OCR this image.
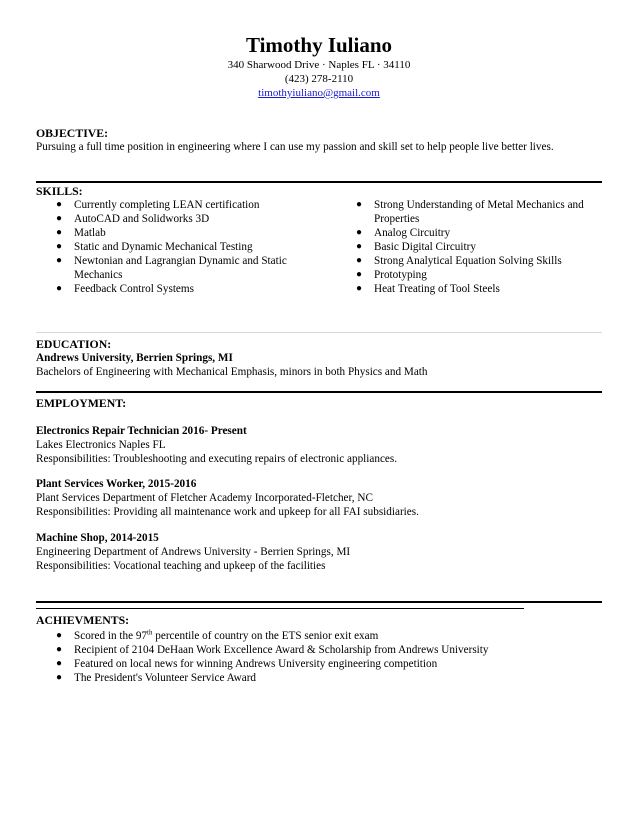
Timothy Iuliano
340 Sharwood Drive · Naples FL · 34110
(423) 278-2110
timothyiuliano@gmail.com
OBJECTIVE:
Pursuing a full time position in engineering where I can use my passion and skill set to help people live better lives.
SKILLS:
● Currently completing LEAN certification
● AutoCAD and Solidworks 3D
● Matlab
● Static and Dynamic Mechanical Testing
● Newtonian and Lagrangian Dynamic and Static Mechanics
● Feedback Control Systems
● Strong Understanding of Metal Mechanics and Properties
● Analog Circuitry
● Basic Digital Circuitry
● Strong Analytical Equation Solving Skills
● Prototyping
● Heat Treating of Tool Steels
EDUCATION:
Andrews University, Berrien Springs, MI
Bachelors of Engineering with Mechanical Emphasis, minors in both Physics and Math
EMPLOYMENT:
Electronics Repair Technician 2016- Present
Lakes Electronics Naples FL
Responsibilities: Troubleshooting and executing repairs of electronic appliances.
Plant Services Worker, 2015-2016
Plant Services Department of Fletcher Academy Incorporated-Fletcher, NC
Responsibilities: Providing all maintenance work and upkeep for all FAI subsidiaries.
Machine Shop, 2014-2015
Engineering Department of Andrews University - Berrien Springs, MI
Responsibilities: Vocational teaching and upkeep of the facilities
ACHIEVMENTS:
● Scored in the 97th percentile of country on the ETS senior exit exam
● Recipient of 2104 DeHaan Work Excellence Award & Scholarship from Andrews University
● Featured on local news for winning Andrews University engineering competition
● The President's Volunteer Service Award
